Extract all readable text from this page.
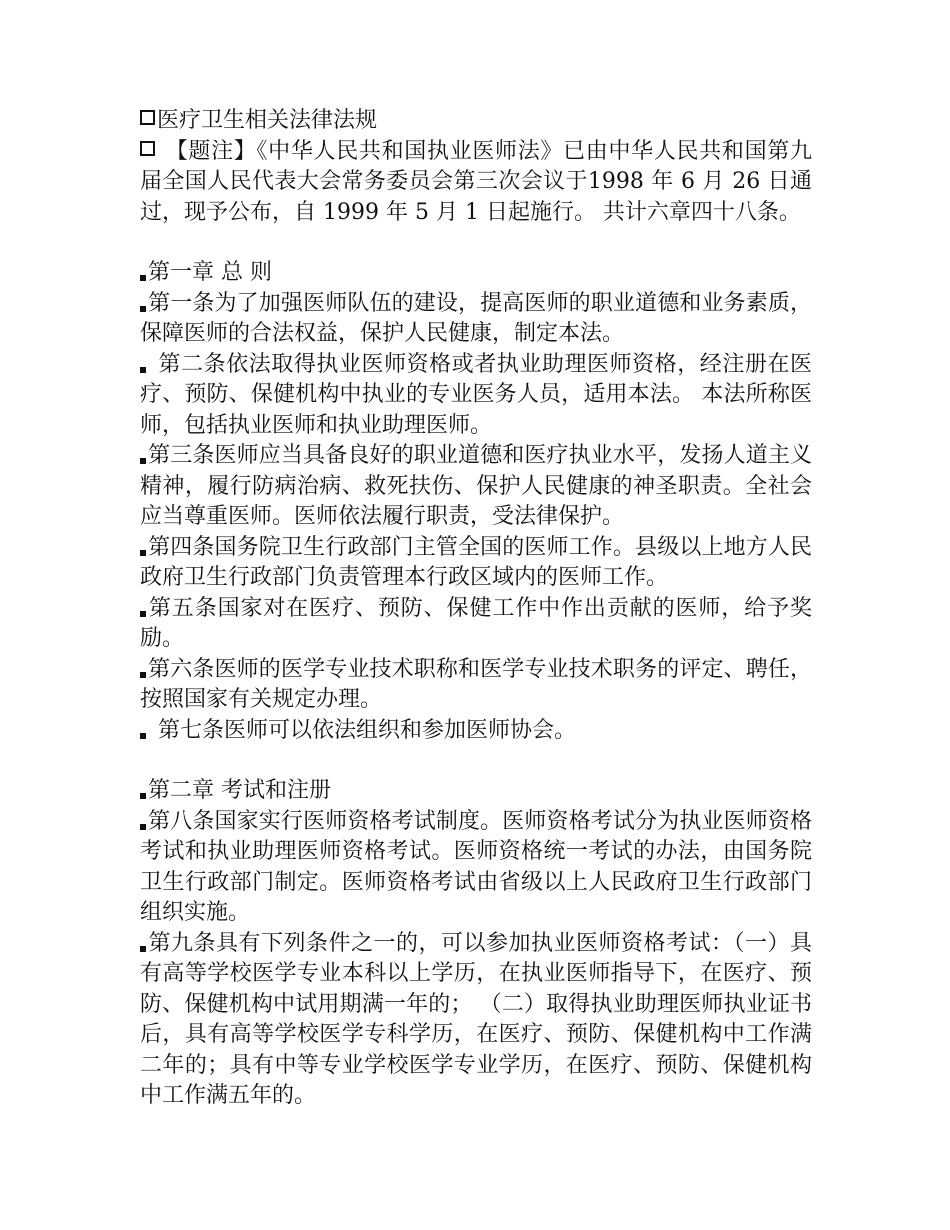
医疗卫生相关法律法规

【题注】《中华人民共和国执业医师法》已由中华人民共和国第九届全国人民代表大会常务委员会第三次会议于1998 年 6 月 26 日通过，现予公布，自 1999 年 5 月 1 日起施行。 共计六章四十八条。

第一章 总 则

第一条为了加强医师队伍的建设，提高医师的职业道德和业务素质，保障医师的合法权益，保护人民健康，制定本法。

第二条依法取得执业医师资格或者执业助理医师资格，经注册在医疗、预防、保健机构中执业的专业医务人员，适用本法。 本法所称医师，包括执业医师和执业助理医师。

第三条医师应当具备良好的职业道德和医疗执业水平，发扬人道主义精神，履行防病治病、救死扶伤、保护人民健康的神圣职责。全社会应当尊重医师。医师依法履行职责，受法律保护。

第四条国务院卫生行政部门主管全国的医师工作。县级以上地方人民政府卫生行政部门负责管理本行政区域内的医师工作。

第五条国家对在医疗、预防、保健工作中作出贡献的医师，给予奖励。

第六条医师的医学专业技术职称和医学专业技术职务的评定、聘任，按照国家有关规定办理。

第七条医师可以依法组织和参加医师协会。

第二章 考试和注册

第八条国家实行医师资格考试制度。医师资格考试分为执业医师资格考试和执业助理医师资格考试。医师资格统一考试的办法，由国务院卫生行政部门制定。医师资格考试由省级以上人民政府卫生行政部门组织实施。

第九条具有下列条件之一的，可以参加执业医师资格考试：（一）具有高等学校医学专业本科以上学历，在执业医师指导下，在医疗、预防、保健机构中试用期满一年的； （二）取得执业助理医师执业证书后，具有高等学校医学专科学历，在医疗、预防、保健机构中工作满二年的；具有中等专业学校医学专业学历，在医疗、预防、保健机构中工作满五年的。
